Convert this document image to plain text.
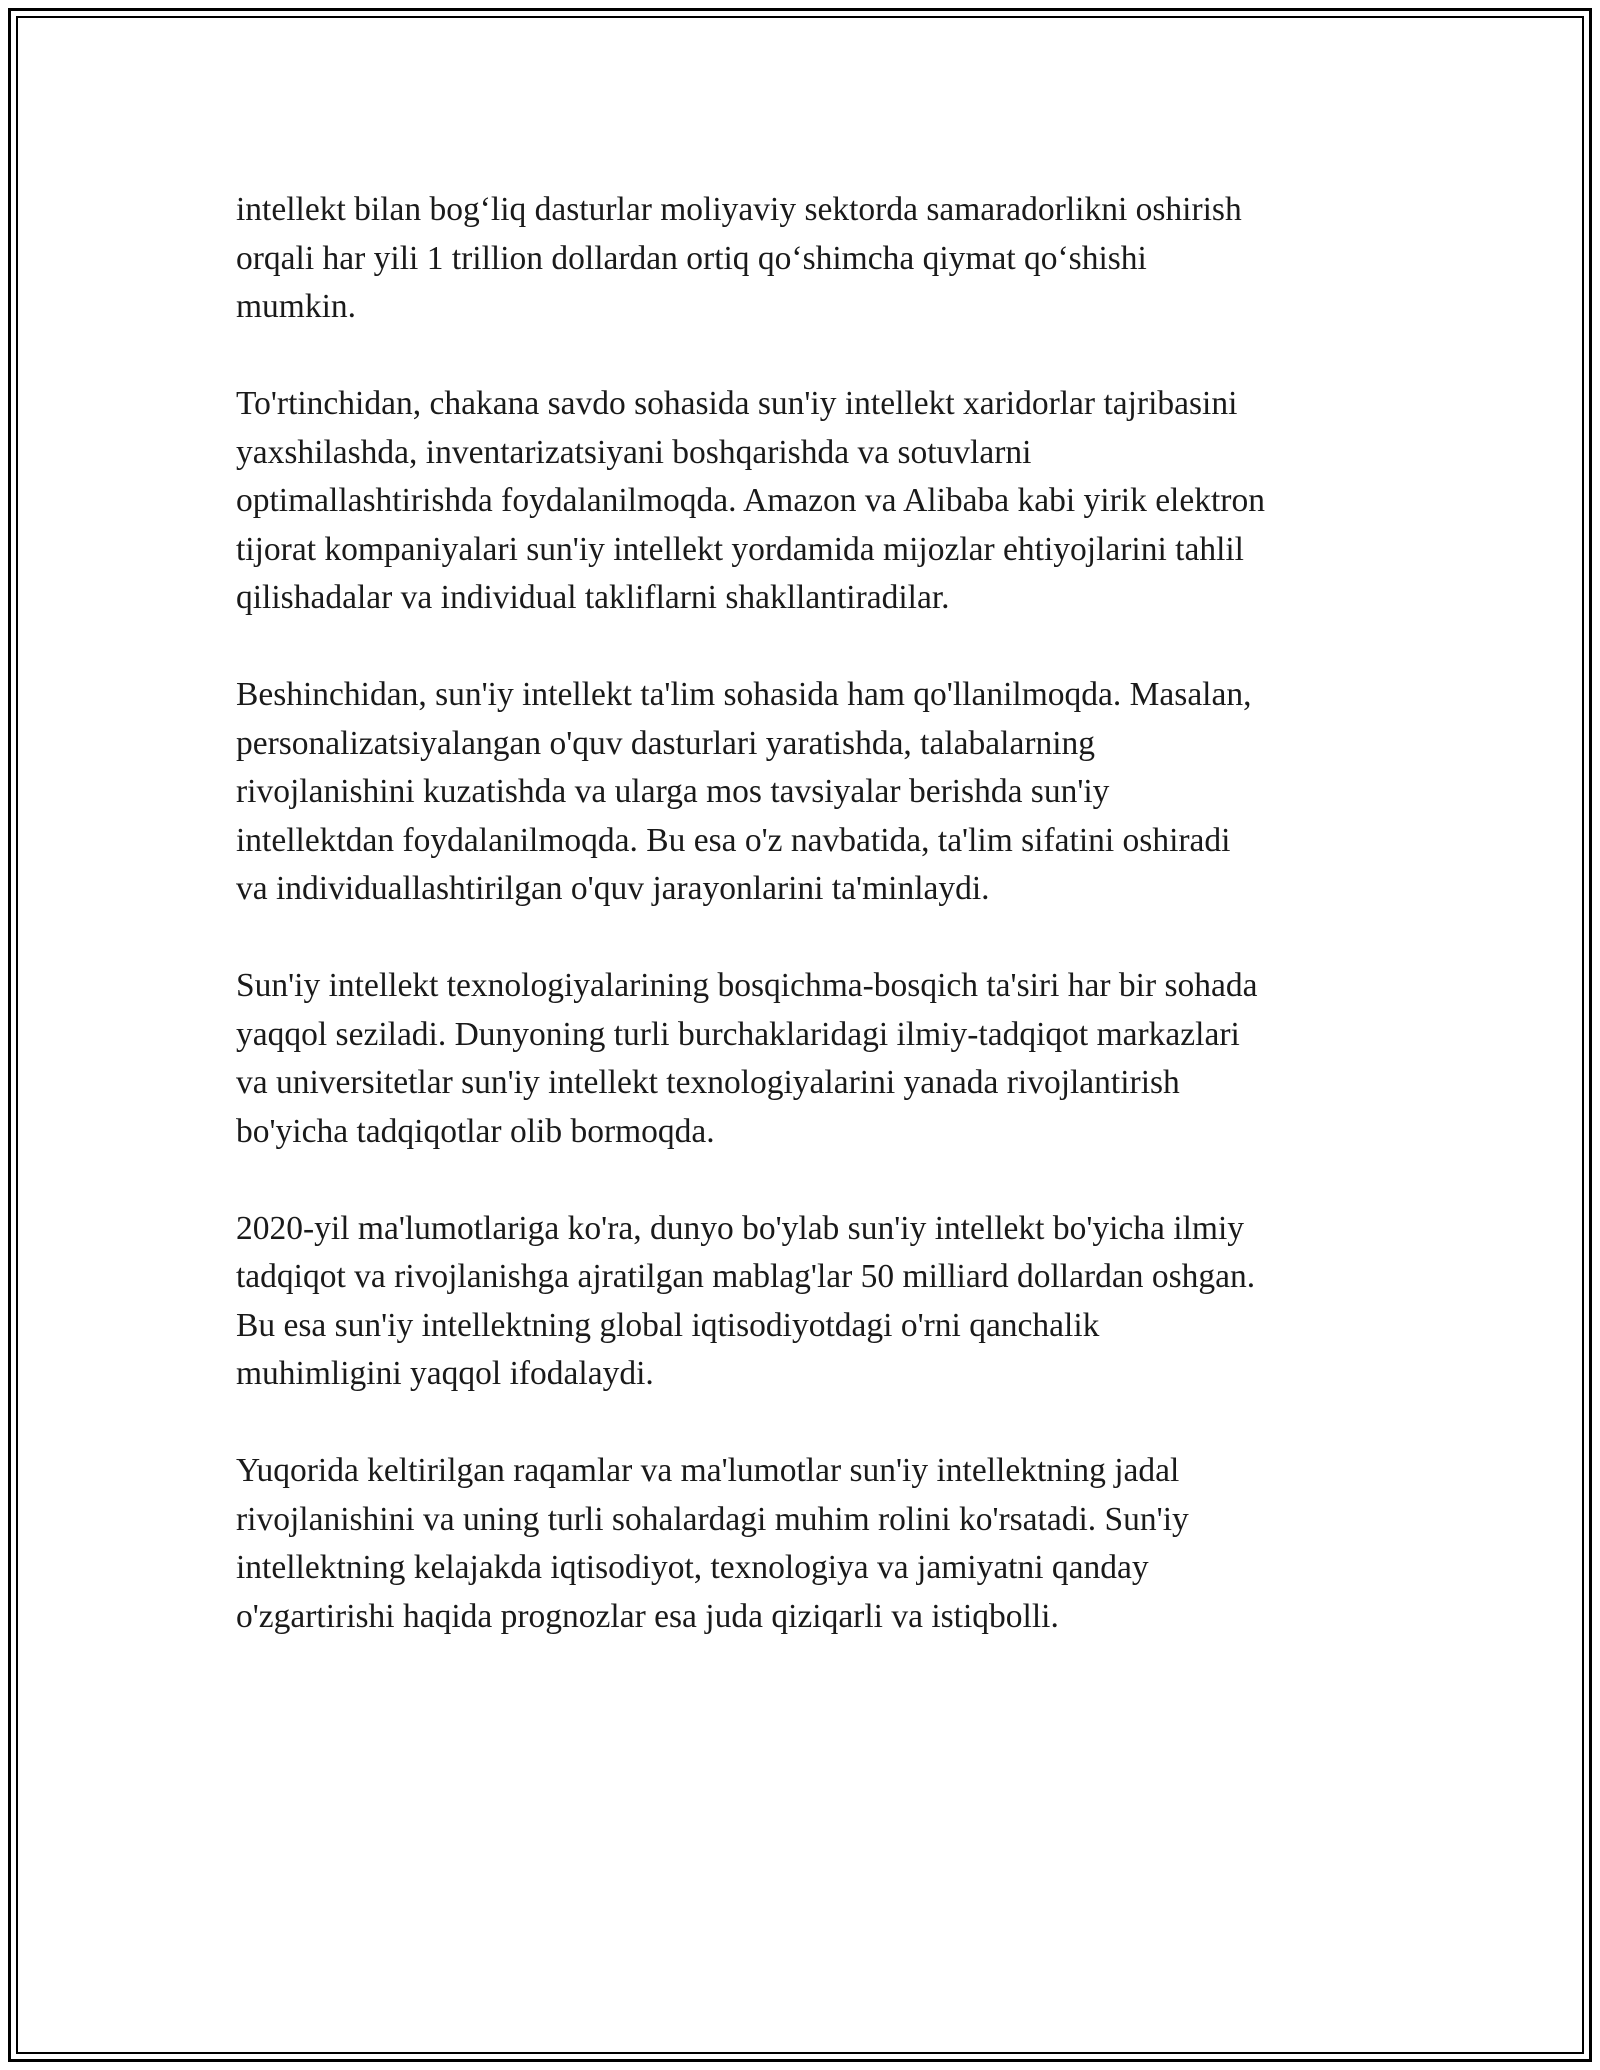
intellekt bilan bog‘liq dasturlar moliyaviy sektorda samaradorlikni oshirish
orqali har yili 1 trillion dollardan ortiq qo‘shimcha qiymat qo‘shishi
mumkin.

To'rtinchidan, chakana savdo sohasida sun'iy intellekt xaridorlar tajribasini
yaxshilashda, inventarizatsiyani boshqarishda va sotuvlarni
optimallashtirishda foydalanilmoqda. Amazon va Alibaba kabi yirik elektron
tijorat kompaniyalari sun'iy intellekt yordamida mijozlar ehtiyojlarini tahlil
qilishadalar va individual takliflarni shakllantiradilar.

Beshinchidan, sun'iy intellekt ta'lim sohasida ham qo'llanilmoqda. Masalan,
personalizatsiyalangan o'quv dasturlari yaratishda, talabalarning
rivojlanishini kuzatishda va ularga mos tavsiyalar berishda sun'iy
intellektdan foydalanilmoqda. Bu esa o'z navbatida, ta'lim sifatini oshiradi
va individuallashtirilgan o'quv jarayonlarini ta'minlaydi.

Sun'iy intellekt texnologiyalarining bosqichma-bosqich ta'siri har bir sohada
yaqqol seziladi. Dunyoning turli burchaklaridagi ilmiy-tadqiqot markazlari
va universitetlar sun'iy intellekt texnologiyalarini yanada rivojlantirish
bo'yicha tadqiqotlar olib bormoqda.

2020-yil ma'lumotlariga ko'ra, dunyo bo'ylab sun'iy intellekt bo'yicha ilmiy
tadqiqot va rivojlanishga ajratilgan mablag'lar 50 milliard dollardan oshgan.
Bu esa sun'iy intellektning global iqtisodiyotdagi o'rni qanchalik
muhimligini yaqqol ifodalaydi.

Yuqorida keltirilgan raqamlar va ma'lumotlar sun'iy intellektning jadal
rivojlanishini va uning turli sohalardagi muhim rolini ko'rsatadi. Sun'iy
intellektning kelajakda iqtisodiyot, texnologiya va jamiyatni qanday
o'zgartirishi haqida prognozlar esa juda qiziqarli va istiqbolli.
